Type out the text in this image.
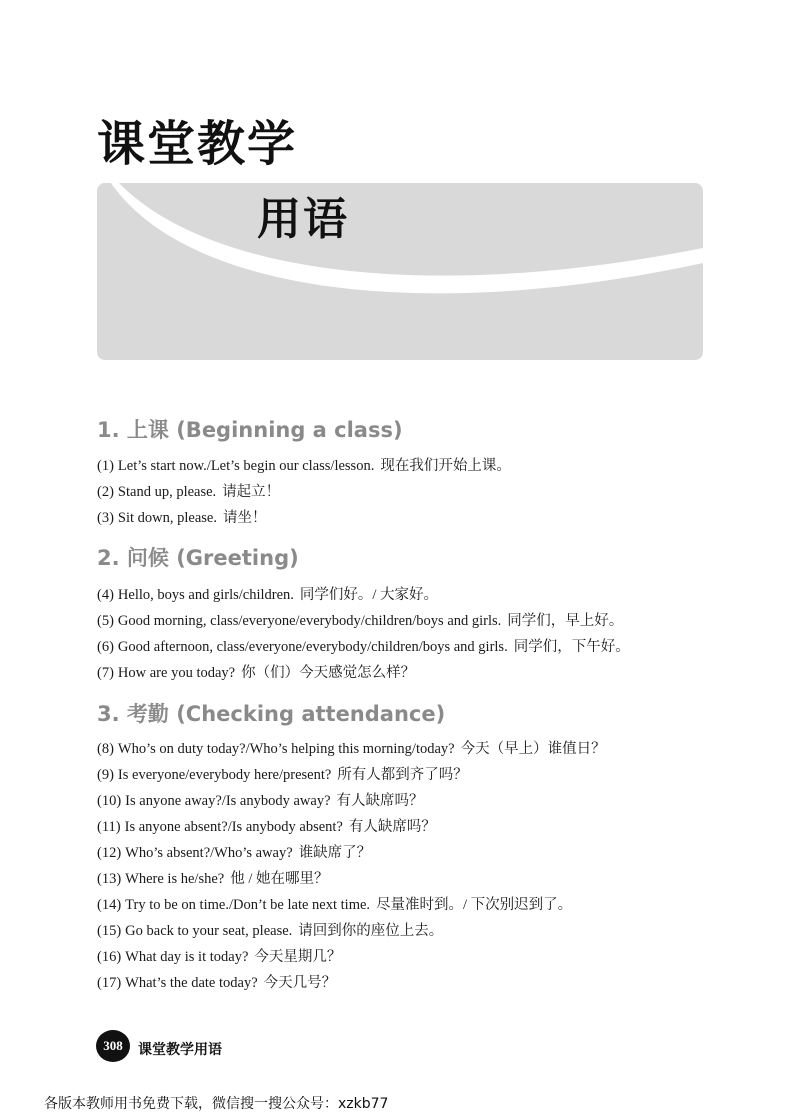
课堂教学
用语
1. 上课 (Beginning a class)
(1) Let’s start now./Let’s begin our class/lesson. 现在我们开始上课。
(2) Stand up, please. 请起立！
(3) Sit down, please. 请坐！
2. 问候 (Greeting)
(4) Hello, boys and girls/children. 同学们好。/ 大家好。
(5) Good morning, class/everyone/everybody/children/boys and girls. 同学们，早上好。
(6) Good afternoon, class/everyone/everybody/children/boys and girls. 同学们，下午好。
(7) How are you today? 你（们）今天感觉怎么样？
3. 考勤 (Checking attendance)
(8) Who’s on duty today?/Who’s helping this morning/today? 今天（早上）谁值日？
(9) Is everyone/everybody here/present? 所有人都到齐了吗？
(10) Is anyone away?/Is anybody away? 有人缺席吗？
(11) Is anyone absent?/Is anybody absent? 有人缺席吗？
(12) Who’s absent?/Who’s away? 谁缺席了？
(13) Where is he/she? 他 / 她在哪里？
(14) Try to be on time./Don’t be late next time. 尽量准时到。/ 下次别迟到了。
(15) Go back to your seat, please. 请回到你的座位上去。
(16) What day is it today? 今天星期几？
(17) What’s the date today? 今天几号？
308 课堂教学用语
各版本教师用书免费下载，微信搜一搜公众号：xzkb77
